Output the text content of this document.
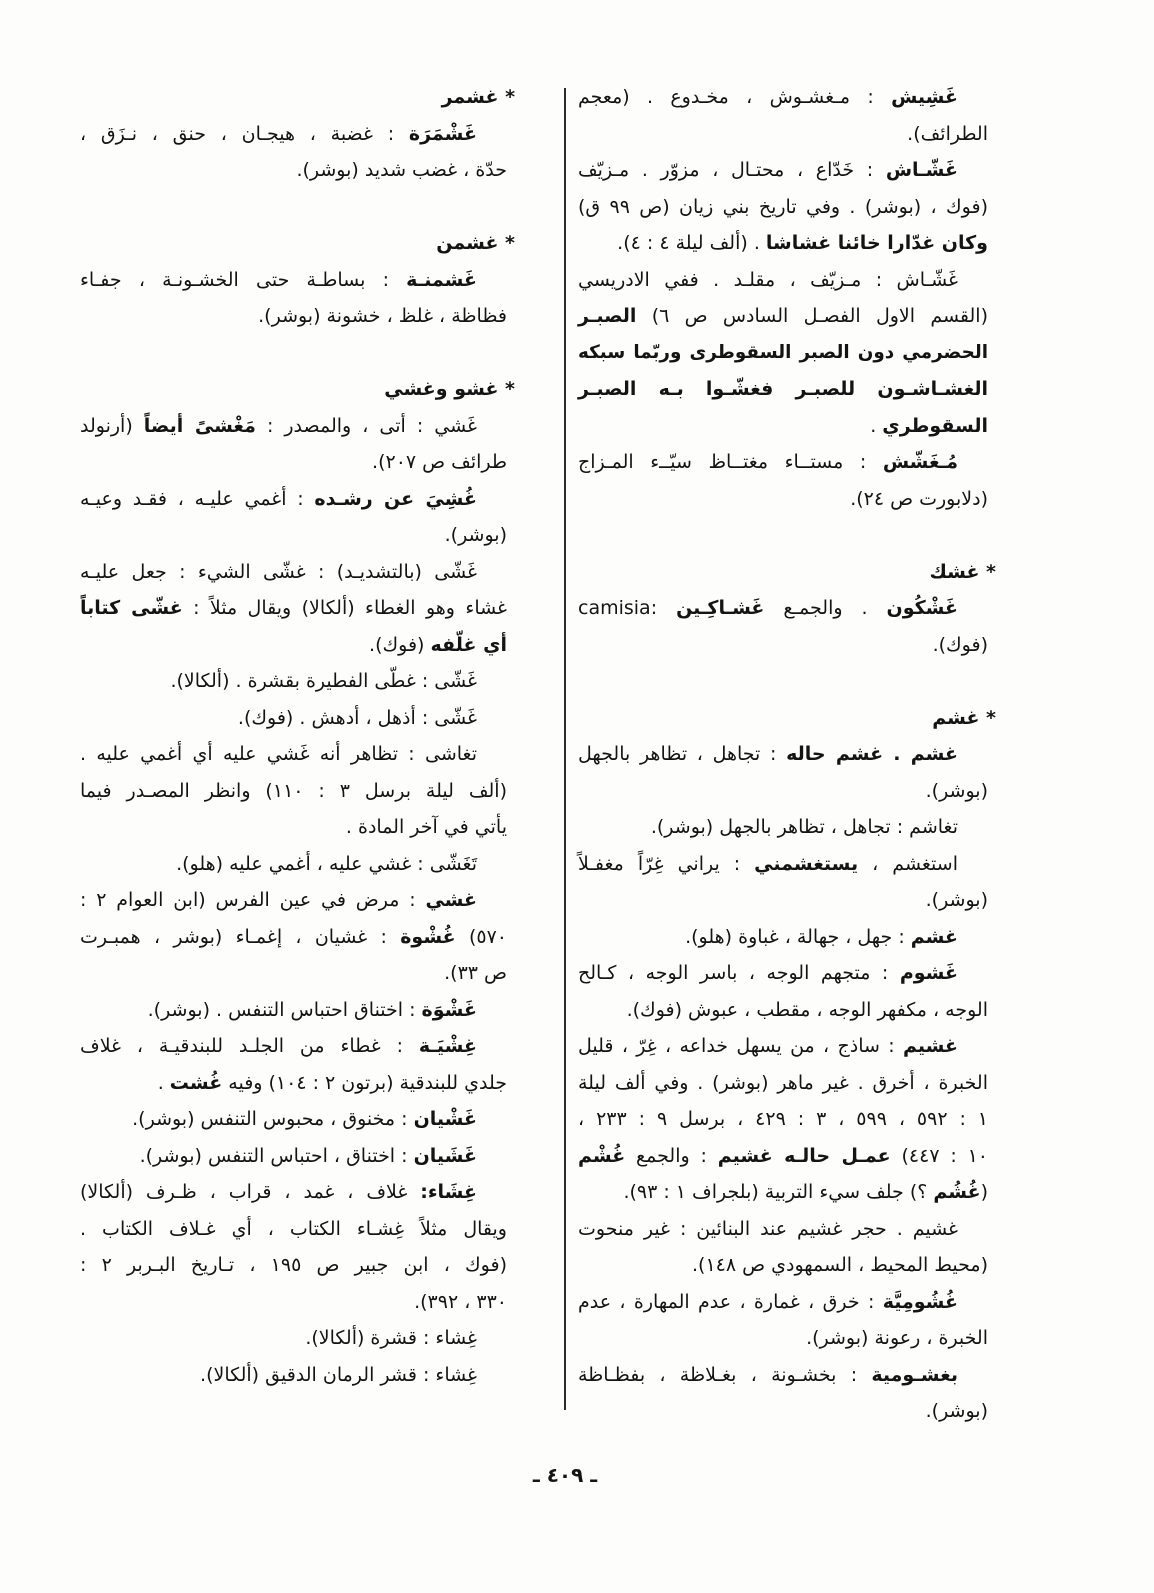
غَشِيش : مـغشـوش ، مخـدوع . (معجم
الطرائف).
غَشّـاش : خَدّاع ، محتـال ، مزوّر . مـزيّف
(فوك ، (بوشر) . وفي تاريخ بني زيان (ص ٩٩ ق)
وكان غدّارا خائنا غشاشا . (ألف ليلة ٤ : ٤).
غَشّـاش : مـزيّف ، مقلـد . ففي الادريسي
(القسم الاول الفصـل السادس ص ٦) الصبـر
الحضرمي دون الصبر السقوطرى وربّما سبكه
الغشـاشـون للصبـر فغشّـوا بـه الصبـر
السقوطري .
مُـغَشّش : مستــاء مغتــاظ سيّــء المـزاج
(دلابورت ص ٢٤).
* غشك
غَشْكُون . والجمـع غَشـاكِـين :camisia
(فوك).
* غشم
غشم . غشم حاله : تجاهل ، تظاهر بالجهل
(بوشر).
تغاشم : تجاهل ، تظاهر بالجهل (بوشر).
استغشم ، يستغشمني : يراني غِرّاً مغفـلاً
(بوشر).
غشم : جهل ، جهالة ، غباوة (هلو).
غَشوم : متجهم الوجه ، باسر الوجه ، كـالح
الوجه ، مكفهر الوجه ، مقطب ، عبوش (فوك).
غشيم : ساذج ، من يسهل خداعه ، غِرّ ، قليل
الخبرة ، أخرق . غير ماهر (بوشر) . وفي ألف ليلة
١ : ٥٩٢ ، ٥٩٩ ، ٣ : ٤٢٩ ، برسل ٩ : ٢٣٣ ،
١٠ : ٤٤٧) عمـل حالـه غشيم : والجمع غُشْم
(غُشُم ؟) جلف سيء التربية (بلجراف ١ : ٩٣).
غشيم . حجر غشيم عند البنائين : غير منحوت
(محيط المحيط ، السمهودي ص ١٤٨).
غُشُومِيَّة : خرق ، غمارة ، عدم المهارة ، عدم
الخبرة ، رعونة (بوشر).
بغشـومية : بخشـونة ، بغـلاظة ، بفظـاظة
(بوشر).
* غشمر
غَشْمَرَة : غضبة ، هيجـان ، حنق ، نـزَق ،
حدّة ، غضب شديد (بوشر).
* غشمن
غَشمنـة : بساطـة حتى الخشـونـة ، جفـاء
فظاظة ، غلظ ، خشونة (بوشر).
* غشو وغشي
غَشي : أتى ، والمصدر : مَغْشىً أيضاً (أرنولد
طرائف ص ٢٠٧).
غُشِيَ عن رشـده : أغمي عليـه ، فقـد وعيـه
(بوشر).
غَشّى (بالتشديـد) : غشّى الشيء : جعل عليـه
غشاء وهو الغطاء (ألكالا) ويقال مثلاً : غشّى كتاباً
أي غلّفه (فوك).
غَشّى : غطّى الفطيرة بقشرة . (ألكالا).
غَشّى : أذهل ، أدهش . (فوك).
تغاشى : تظاهر أنه غَشي عليه أي أغمي عليه .
(ألف ليلة برسل ٣ : ١١٠) وانظر المصـدر فيما
يأتي في آخر المادة .
تَغَشّى : غشي عليه ، أغمي عليه (هلو).
غشي : مرض في عين الفرس (ابن العوام ٢ :
٥٧٠) غُشْوة : غشيان ، إغمـاء (بوشر ، همبـرت
ص ٣٣).
غَشْوَة : اختناق احتباس التنفس . (بوشر).
غِشْيَـة : غطاء من الجلـد للبندقيـة ، غلاف
جلدي للبندقية (برتون ٢ : ١٠٤) وفيه غُشت .
غَشْيان : مخنوق ، محبوس التنفس (بوشر).
غَشَيان : اختناق ، احتباس التنفس (بوشر).
غِشَاء: غلاف ، غمد ، قراب ، ظـرف (ألكالا)
ويقال مثلاً غِشـاء الكتاب ، أي غـلاف الكتاب .
(فوك ، ابن جبير ص ١٩٥ ، تـاريخ البـربر ٢ :
٣٣٠ ، ٣٩٢).
غِشاء : قشرة (ألكالا).
غِشاء : قشر الرمان الدقيق (ألكالا).
ـ ٤٠٩ ـ
